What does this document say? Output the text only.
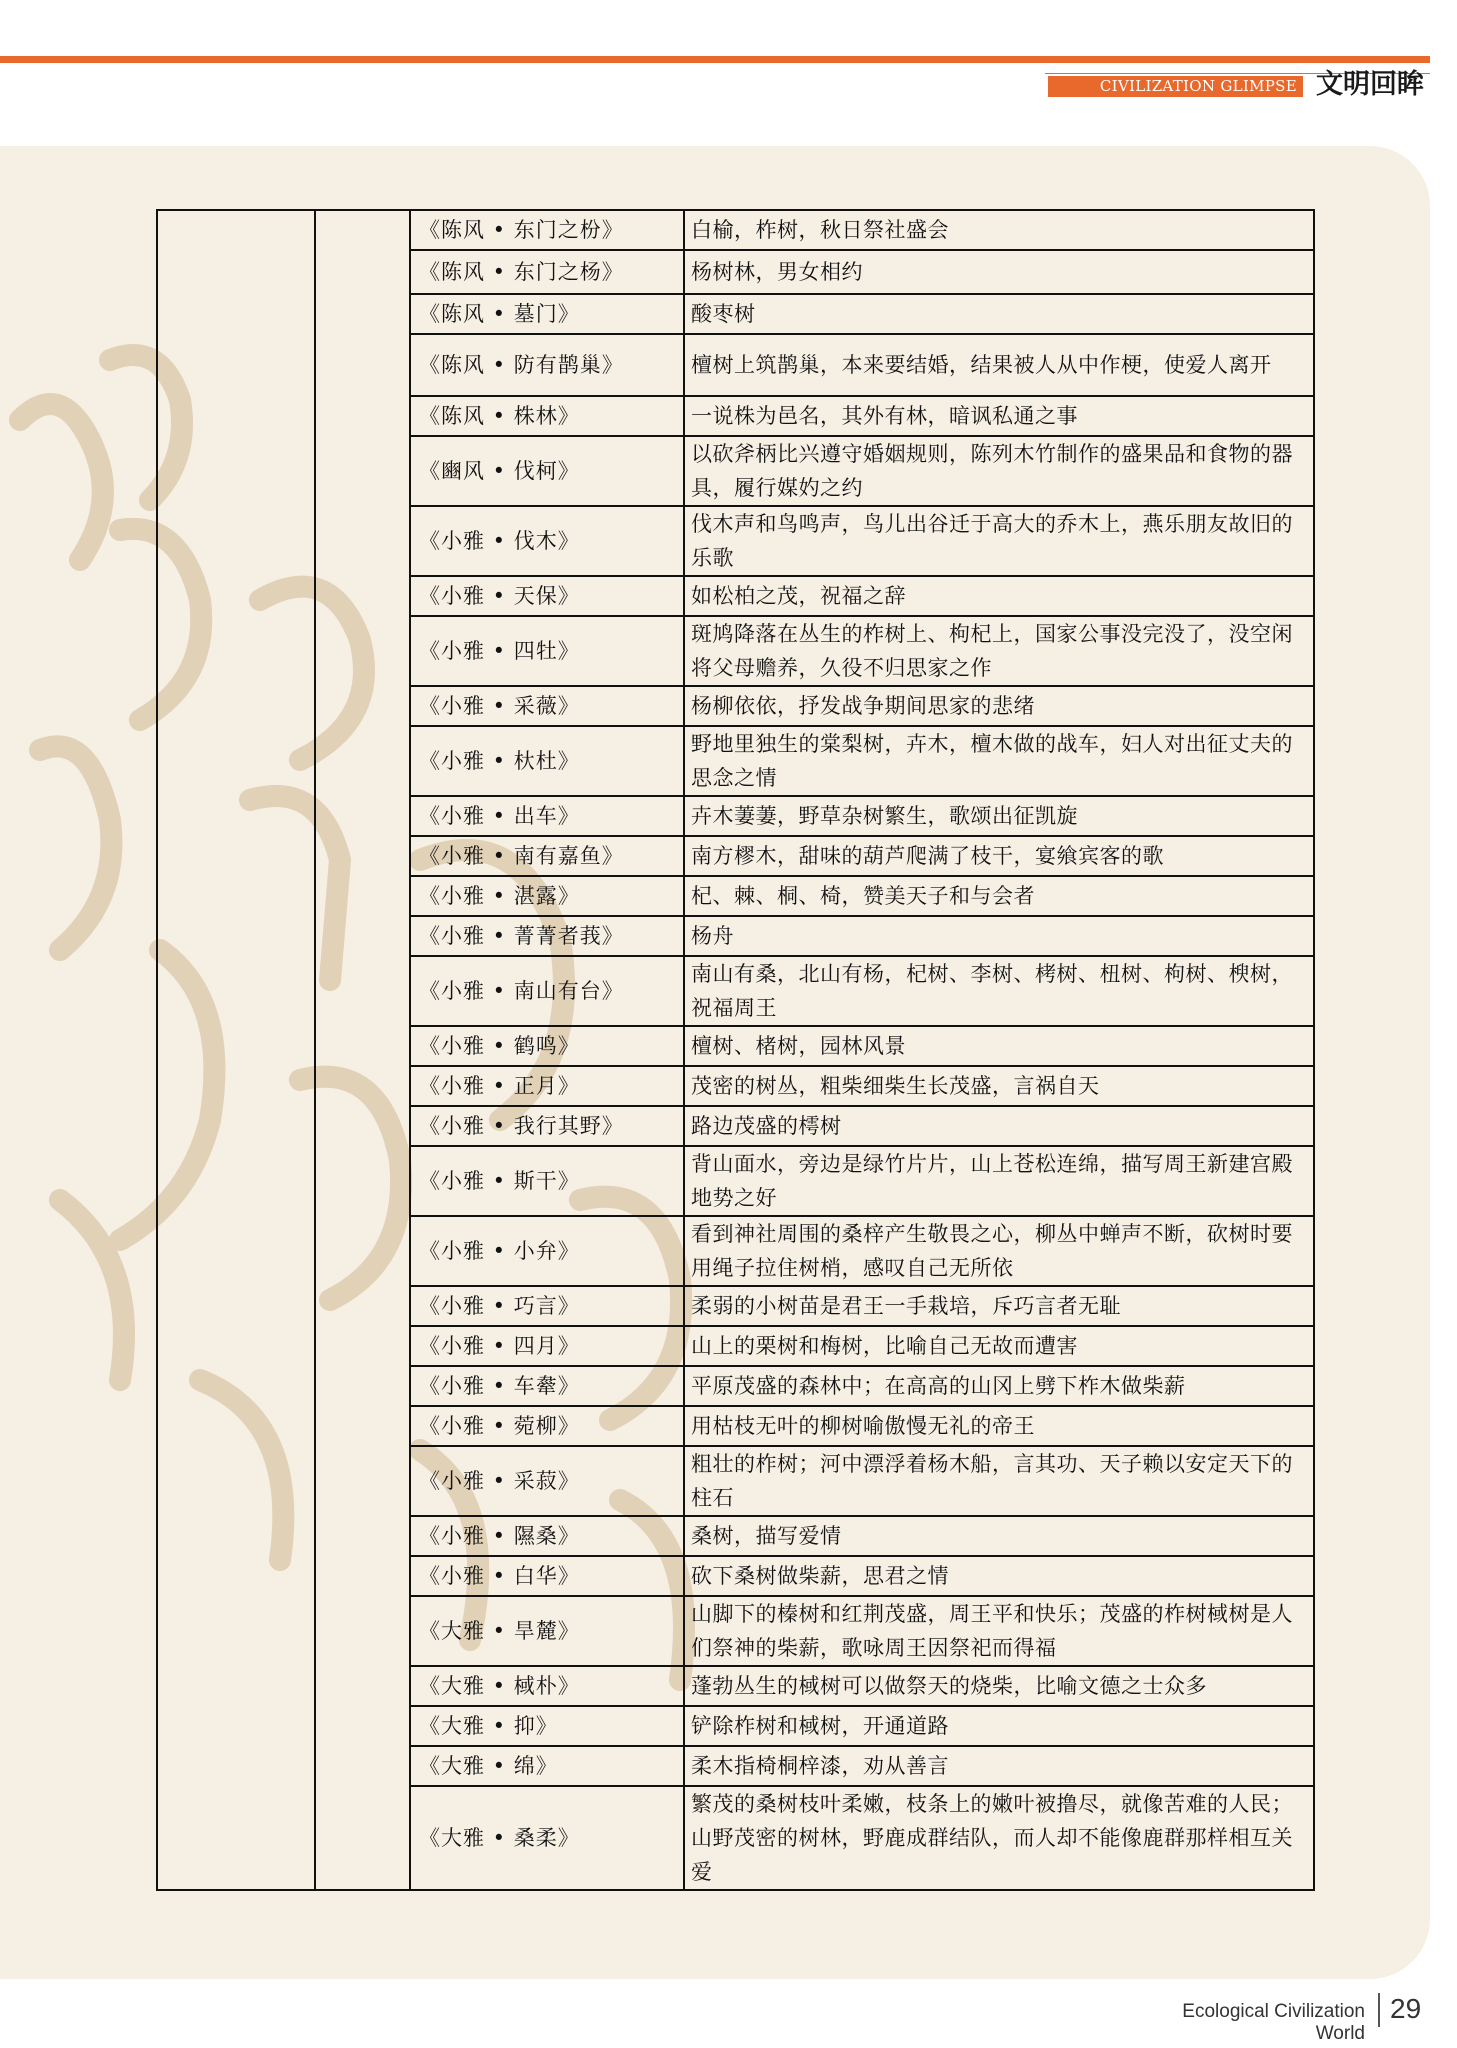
CIVILIZATION GLIMPSE 文明回眸
		《陈风 • 东门之枌》	白榆，柞树，秋日祭社盛会
		《陈风 • 东门之杨》	杨树林，男女相约
		《陈风 • 墓门》	酸枣树
		《陈风 • 防有鹊巢》	檀树上筑鹊巢，本来要结婚，结果被人从中作梗，使爱人离开
		《陈风 • 株林》	一说株为邑名，其外有林，暗讽私通之事
		《豳风 • 伐柯》	以砍斧柄比兴遵守婚姻规则，陈列木竹制作的盛果品和食物的器具，履行媒妁之约
		《小雅 • 伐木》	伐木声和鸟鸣声，鸟儿出谷迁于高大的乔木上，燕乐朋友故旧的乐歌
		《小雅 • 天保》	如松柏之茂，祝福之辞
		《小雅 • 四牡》	斑鸠降落在丛生的柞树上、枸杞上，国家公事没完没了，没空闲将父母赡养，久役不归思家之作
		《小雅 • 采薇》	杨柳依依，抒发战争期间思家的悲绪
		《小雅 • 杕杜》	野地里独生的棠梨树，卉木，檀木做的战车，妇人对出征丈夫的思念之情
		《小雅 • 出车》	卉木萋萋，野草杂树繁生，歌颂出征凯旋
		《小雅 • 南有嘉鱼》	南方樛木，甜味的葫芦爬满了枝干，宴飨宾客的歌
		《小雅 • 湛露》	杞、棘、桐、椅，赞美天子和与会者
		《小雅 • 菁菁者莪》	杨舟
		《小雅 • 南山有台》	南山有桑，北山有杨，杞树、李树、栲树、杻树、枸树、楰树，祝福周王
		《小雅 • 鹤鸣》	檀树、楮树，园林风景
		《小雅 • 正月》	茂密的树丛，粗柴细柴生长茂盛，言祸自天
		《小雅 • 我行其野》	路边茂盛的樗树
		《小雅 • 斯干》	背山面水，旁边是绿竹片片，山上苍松连绵，描写周王新建宫殿地势之好
		《小雅 • 小弁》	看到神社周围的桑梓产生敬畏之心，柳丛中蝉声不断，砍树时要用绳子拉住树梢，感叹自己无所依
		《小雅 • 巧言》	柔弱的小树苗是君王一手栽培，斥巧言者无耻
		《小雅 • 四月》	山上的栗树和梅树，比喻自己无故而遭害
		《小雅 • 车舝》	平原茂盛的森林中；在高高的山冈上劈下柞木做柴薪
		《小雅 • 菀柳》	用枯枝无叶的柳树喻傲慢无礼的帝王
		《小雅 • 采菽》	粗壮的柞树；河中漂浮着杨木船，言其功、天子赖以安定天下的柱石
		《小雅 • 隰桑》	桑树，描写爱情
		《小雅 • 白华》	砍下桑树做柴薪，思君之情
		《大雅 • 旱麓》	山脚下的榛树和红荆茂盛，周王平和快乐；茂盛的柞树棫树是人们祭神的柴薪，歌咏周王因祭祀而得福
		《大雅 • 棫朴》	蓬勃丛生的棫树可以做祭天的烧柴，比喻文德之士众多
		《大雅 • 抑》	铲除柞树和棫树，开通道路
		《大雅 • 绵》	柔木指椅桐梓漆，劝从善言
		《大雅 • 桑柔》	繁茂的桑树枝叶柔嫩，枝条上的嫩叶被撸尽，就像苦难的人民；山野茂密的树林，野鹿成群结队，而人却不能像鹿群那样相互关爱
Ecological Civilization World
29
